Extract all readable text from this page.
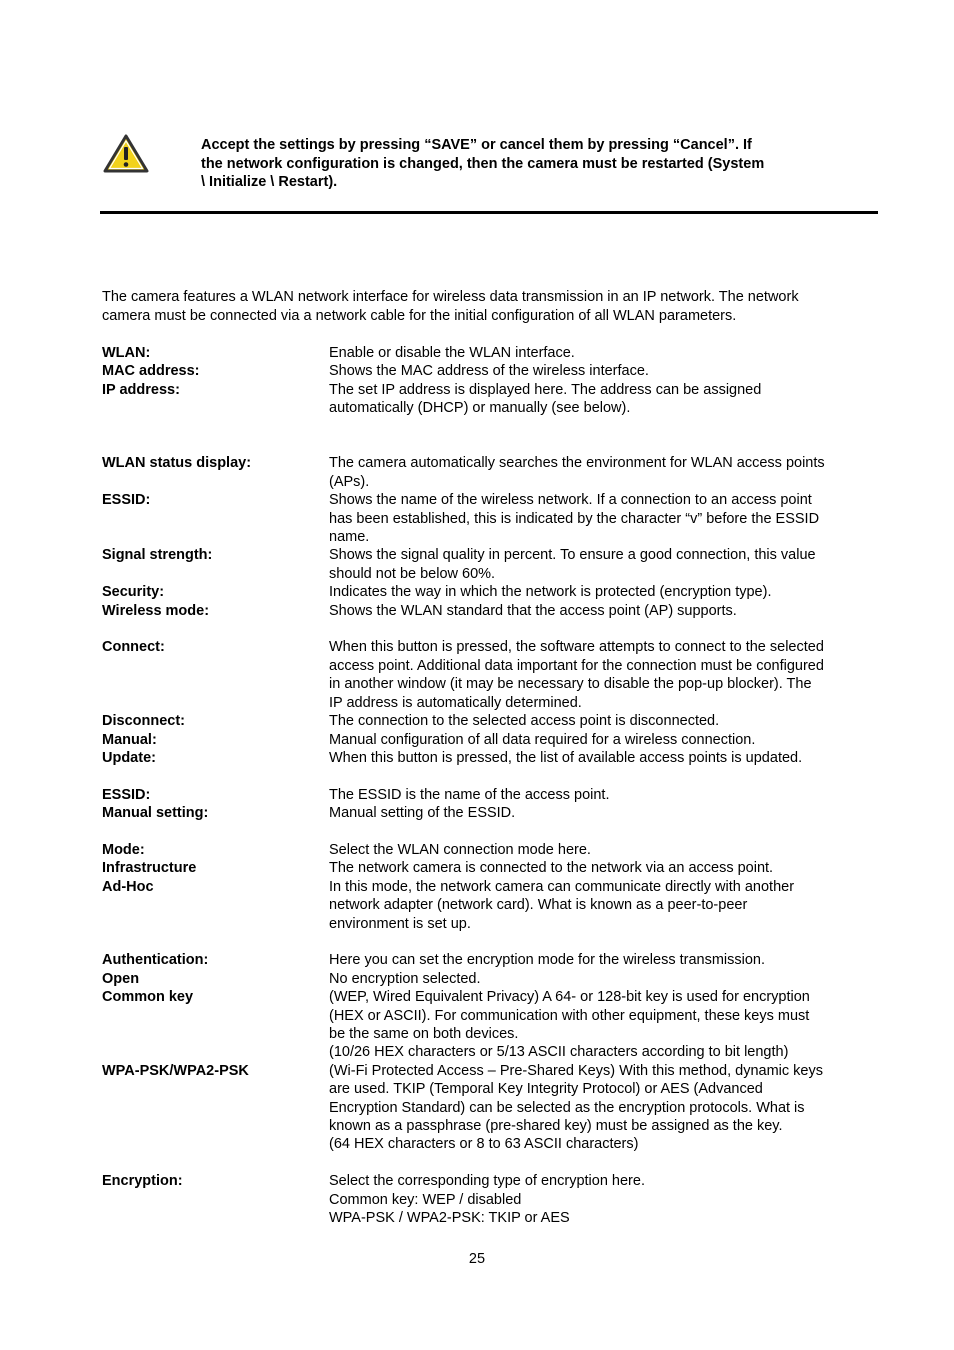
Accept the settings by pressing “SAVE” or cancel them by pressing “Cancel”. If
the network configuration is changed, then the camera must be restarted (System
\ Initialize \ Restart).
The camera features a WLAN network interface for wireless data transmission in an IP network. The network
camera must be connected via a network cable for the initial configuration of all WLAN parameters.
WLAN:	Enable or disable the WLAN interface.
MAC address:	Shows the MAC address of the wireless interface.
IP address:	The set IP address is displayed here. The address can be assigned
automatically (DHCP) or manually (see below).
WLAN status display:	The camera automatically searches the environment for WLAN access points
(APs).
ESSID:	Shows the name of the wireless network. If a connection to an access point
has been established, this is indicated by the character “v” before the ESSID
name.
Signal strength:	Shows the signal quality in percent. To ensure a good connection, this value
should not be below 60%.
Security:	Indicates the way in which the network is protected (encryption type).
Wireless mode:	Shows the WLAN standard that the access point (AP) supports.
Connect:	When this button is pressed, the software attempts to connect to the selected
access point. Additional data important for the connection must be configured
in another window (it may be necessary to disable the pop-up blocker). The
IP address is automatically determined.
Disconnect:	The connection to the selected access point is disconnected.
Manual:	Manual configuration of all data required for a wireless connection.
Update:	When this button is pressed, the list of available access points is updated.
ESSID:	The ESSID is the name of the access point.
Manual setting:	Manual setting of the ESSID.
Mode:	Select the WLAN connection mode here.
Infrastructure	The network camera is connected to the network via an access point.
Ad-Hoc	In this mode, the network camera can communicate directly with another
network adapter (network card). What is known as a peer-to-peer
environment is set up.
Authentication:	Here you can set the encryption mode for the wireless transmission.
Open	No encryption selected.
Common key	(WEP, Wired Equivalent Privacy) A 64- or 128-bit key is used for encryption
(HEX or ASCII). For communication with other equipment, these keys must
be the same on both devices.
(10/26 HEX characters or 5/13 ASCII characters according to bit length)
WPA-PSK/WPA2-PSK	(Wi-Fi Protected Access – Pre-Shared Keys) With this method, dynamic keys
are used. TKIP (Temporal Key Integrity Protocol) or AES (Advanced
Encryption Standard) can be selected as the encryption protocols. What is
known as a passphrase (pre-shared key) must be assigned as the key.
(64 HEX characters or 8 to 63 ASCII characters)
Encryption:	Select the corresponding type of encryption here.
Common key: WEP / disabled
WPA-PSK / WPA2-PSK: TKIP or AES
25
